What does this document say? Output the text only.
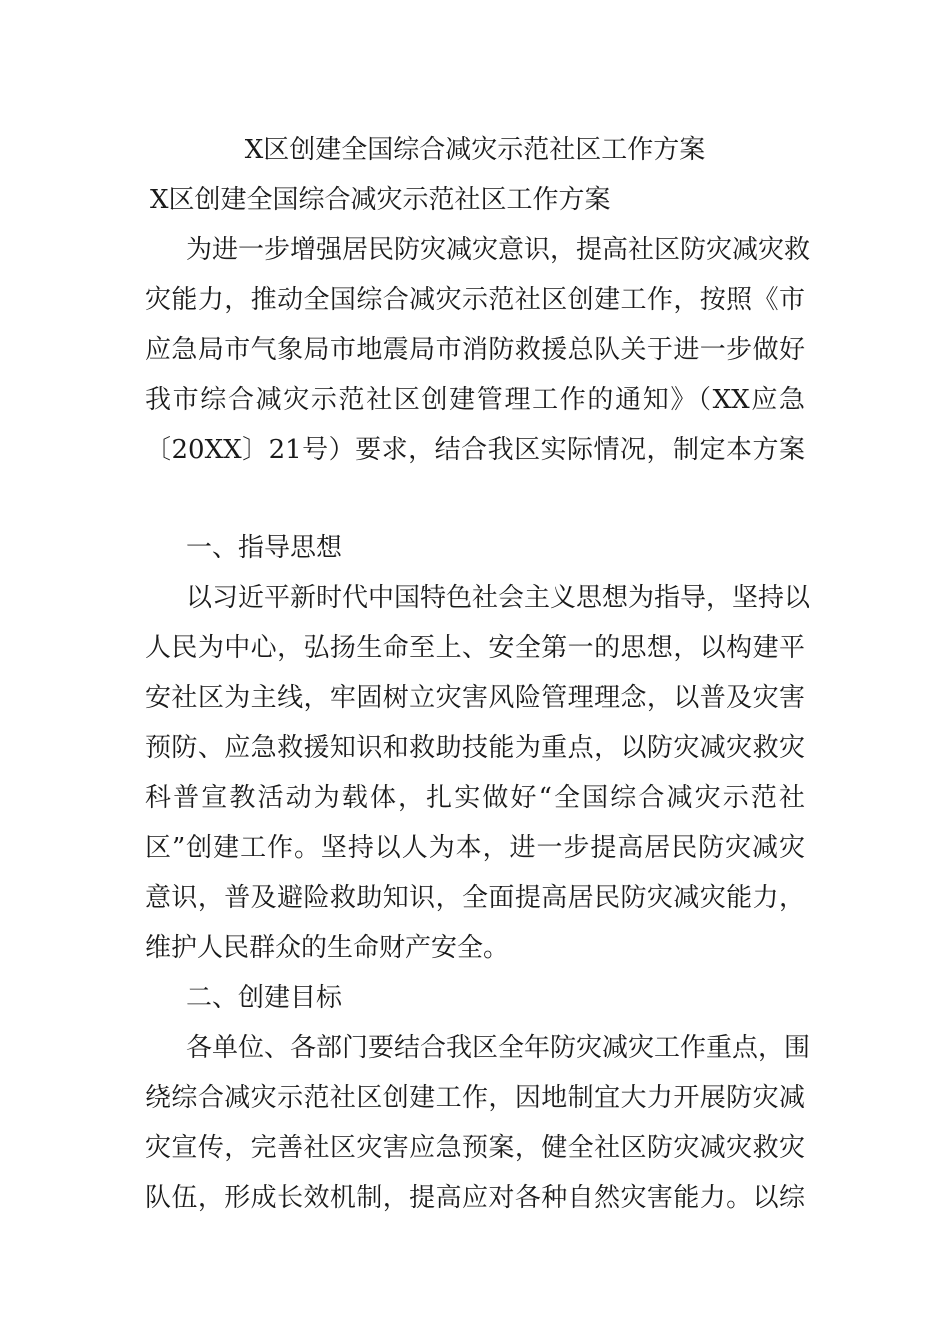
X区创建全国综合减灾示范社区工作方案
X区创建全国综合减灾示范社区工作方案
为进一步增强居民防灾减灾意识，提高社区防灾减灾救
灾能力，推动全国综合减灾示范社区创建工作，按照《市
应急局市气象局市地震局市消防救援总队关于进一步做好
我市综合减灾示范社区创建管理工作的通知》（XX应急
〔20XX〕21号）要求，结合我区实际情况，制定本方案
一、指导思想
以习近平新时代中国特色社会主义思想为指导，坚持以
人民为中心，弘扬生命至上、安全第一的思想，以构建平
安社区为主线，牢固树立灾害风险管理理念，以普及灾害
预防、应急救援知识和救助技能为重点，以防灾减灾救灾
科普宣教活动为载体，扎实做好“全国综合减灾示范社
区”创建工作。坚持以人为本，进一步提高居民防灾减灾
意识，普及避险救助知识，全面提高居民防灾减灾能力，
维护人民群众的生命财产安全。
二、创建目标
各单位、各部门要结合我区全年防灾减灾工作重点，围
绕综合减灾示范社区创建工作，因地制宜大力开展防灾减
灾宣传，完善社区灾害应急预案，健全社区防灾减灾救灾
队伍，形成长效机制，提高应对各种自然灾害能力。以综
